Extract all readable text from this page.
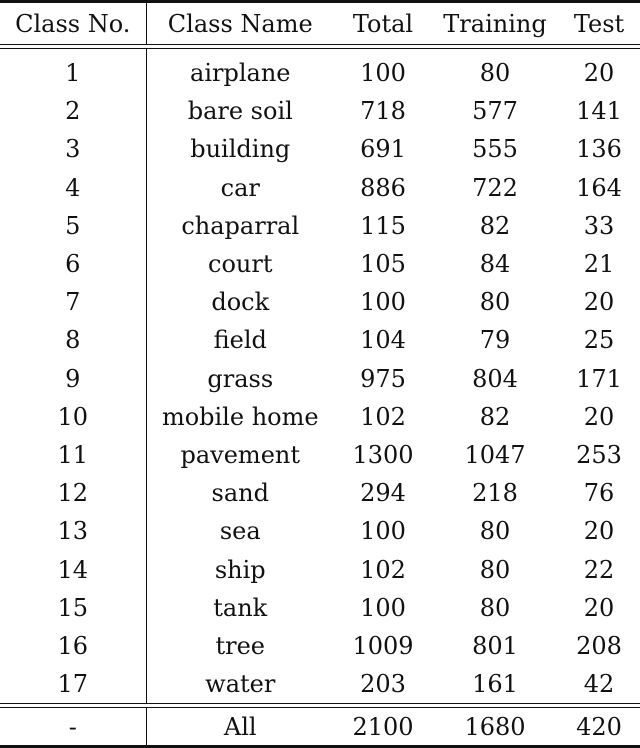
Class No.	Class Name	Total	Training	Test

1	airplane	100	80	20
2	bare soil	718	577	141
3	building	691	555	136
4	car	886	722	164
5	chaparral	115	82	33
6	court	105	84	21
7	dock	100	80	20
8	field	104	79	25
9	grass	975	804	171
10	mobile home	102	82	20
11	pavement	1300	1047	253
12	sand	294	218	76
13	sea	100	80	20
14	ship	102	80	22
15	tank	100	80	20
16	tree	1009	801	208
17	water	203	161	42

-	All	2100	1680	420
